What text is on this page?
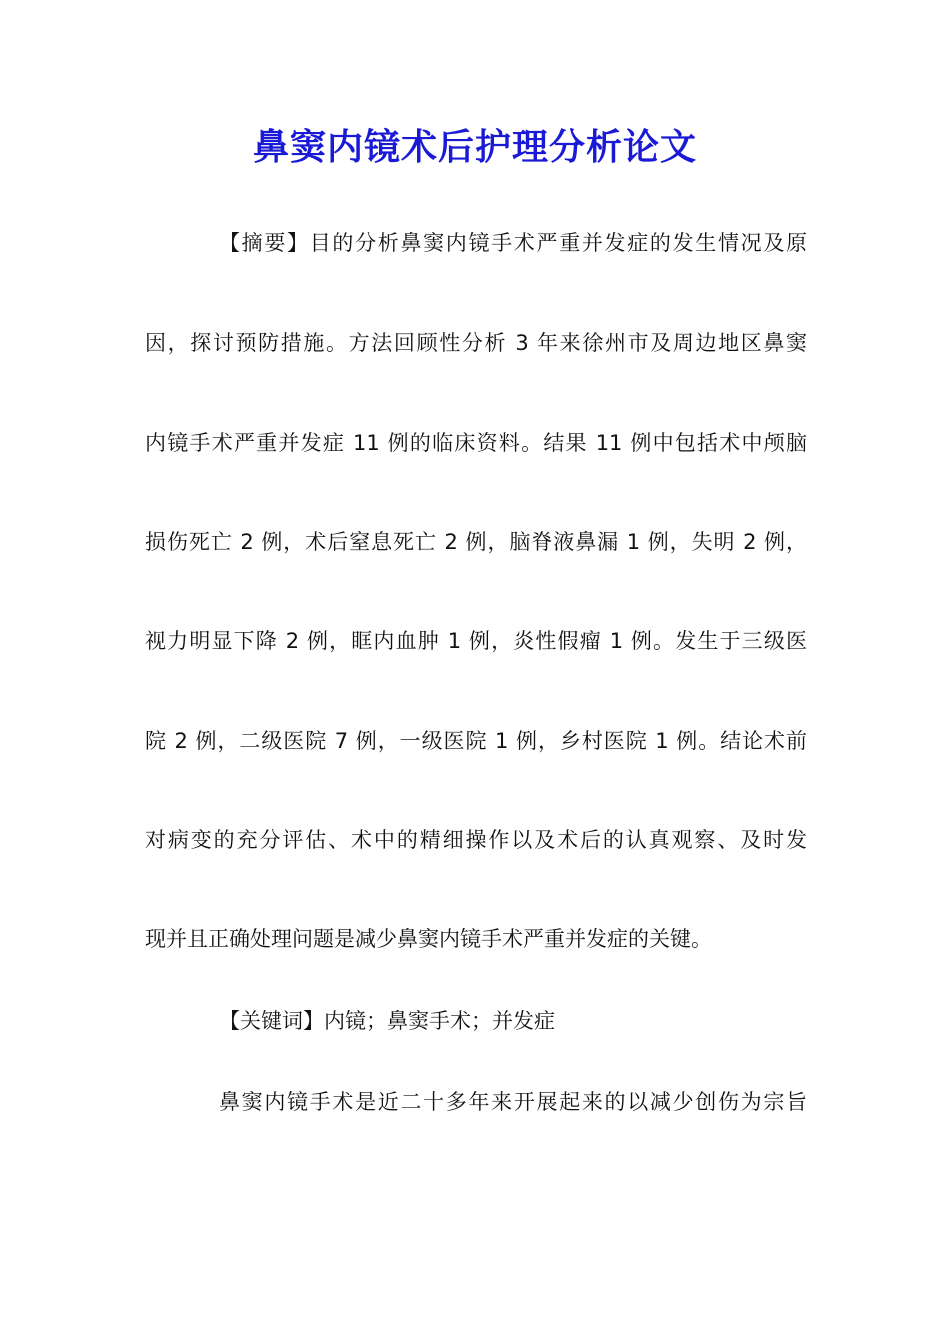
鼻窦内镜术后护理分析论文

【摘要】目的分析鼻窦内镜手术严重并发症的发生情况及原

因，探讨预防措施。方法回顾性分析 3 年来徐州市及周边地区鼻窦

内镜手术严重并发症 11 例的临床资料。结果 11 例中包括术中颅脑

损伤死亡 2 例，术后窒息死亡 2 例，脑脊液鼻漏 1 例，失明 2 例，

视力明显下降 2 例，眶内血肿 1 例，炎性假瘤 1 例。发生于三级医

院 2 例，二级医院 7 例，一级医院 1 例，乡村医院 1 例。结论术前

对病变的充分评估、术中的精细操作以及术后的认真观察、及时发

现并且正确处理问题是减少鼻窦内镜手术严重并发症的关键。

【关键词】内镜；鼻窦手术；并发症

鼻窦内镜手术是近二十多年来开展起来的以减少创伤为宗旨
